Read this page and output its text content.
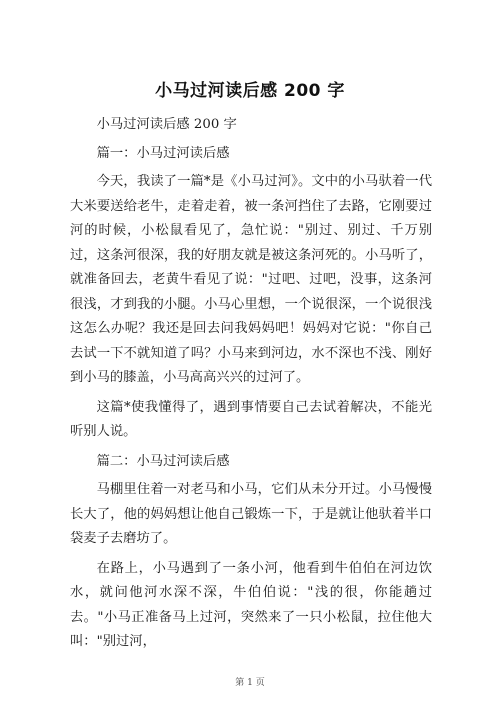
小马过河读后感 200 字

小马过河读后感 200 字

篇一：小马过河读后感

今天，我读了一篇*是《小马过河》。文中的小马驮着一代大米要送给老牛，走着走着，被一条河挡住了去路，它刚要过河的时候，小松鼠看见了，急忙说："别过、别过、千万别过，这条河很深，我的好朋友就是被这条河死的。小马听了，就准备回去，老黄牛看见了说："过吧、过吧，没事，这条河很浅，才到我的小腿。小马心里想，一个说很深，一个说很浅这怎么办呢？我还是回去问我妈妈吧！妈妈对它说："你自己去试一下不就知道了吗？小马来到河边，水不深也不浅、刚好到小马的膝盖，小马高高兴兴的过河了。

这篇*使我懂得了，遇到事情要自己去试着解决，不能光听别人说。

篇二：小马过河读后感

马棚里住着一对老马和小马，它们从未分开过。小马慢慢长大了，他的妈妈想让他自己锻炼一下，于是就让他驮着半口袋麦子去磨坊了。

在路上，小马遇到了一条小河，他看到牛伯伯在河边饮水，就问他河水深不深，牛伯伯说："浅的很，你能趟过去。"小马正准备马上过河，突然来了一只小松鼠，拉住他大叫："别过河，

第 1 页
